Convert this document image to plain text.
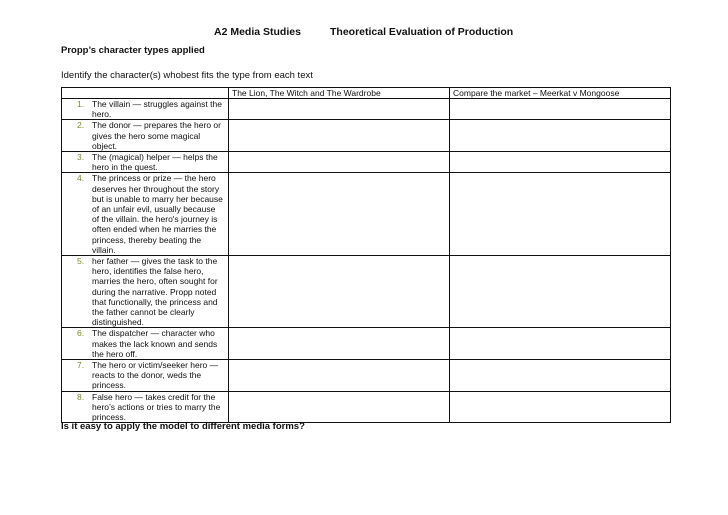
A2 Media Studies	Theoretical Evaluation of Production
Propp’s character types applied
Identify the character(s) whobest fits the type from each text
	The Lion, The Witch and The Wardrobe	Compare the market – Meerkat v Mongoose

1. The villain — struggles against the hero.		

2. The donor — prepares the hero or gives the hero some magical object.		

3. The (magical) helper — helps the hero in the quest.		

4. The princess or prize — the hero deserves her throughout the story but is unable to marry her because of an unfair evil, usually because of the villain. the hero's journey is often ended when he marries the princess, thereby beating the villain.		

5. her father — gives the task to the hero, identifies the false hero, marries the hero, often sought for during the narrative. Propp noted that functionally, the princess and the father cannot be clearly distinguished.		

6. The dispatcher — character who makes the lack known and sends the hero off.		

7. The hero or victim/seeker hero — reacts to the donor, weds the princess.		

8. False hero — takes credit for the hero’s actions or tries to marry the princess.		
Is it easy to apply the model to different media forms?
